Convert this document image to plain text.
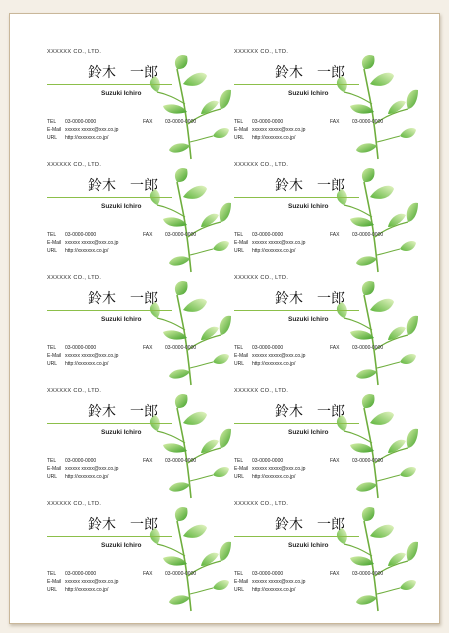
XXXXXX CO., LTD.
鈴木　一郎
Suzuki Ichiro
TEL 03-0000-0000	FAX	03-0000-0000
E-Mail xxxxxx xxxxx@xxx.co.jp
URL http://xxxxxxx.co.jp/
XXXXXX CO., LTD.
鈴木　一郎
Suzuki Ichiro
TEL 03-0000-0000	FAX	03-0000-0000
E-Mail xxxxxx xxxxx@xxx.co.jp
URL http://xxxxxxx.co.jp/
XXXXXX CO., LTD.
鈴木　一郎
Suzuki Ichiro
TEL 03-0000-0000	FAX	03-0000-0000
E-Mail xxxxxx xxxxx@xxx.co.jp
URL http://xxxxxxx.co.jp/
XXXXXX CO., LTD.
鈴木　一郎
Suzuki Ichiro
TEL 03-0000-0000	FAX	03-0000-0000
E-Mail xxxxxx xxxxx@xxx.co.jp
URL http://xxxxxxx.co.jp/
XXXXXX CO., LTD.
鈴木　一郎
Suzuki Ichiro
TEL 03-0000-0000	FAX	03-0000-0000
E-Mail xxxxxx xxxxx@xxx.co.jp
URL http://xxxxxxx.co.jp/
XXXXXX CO., LTD.
鈴木　一郎
Suzuki Ichiro
TEL 03-0000-0000	FAX	03-0000-0000
E-Mail xxxxxx xxxxx@xxx.co.jp
URL http://xxxxxxx.co.jp/
XXXXXX CO., LTD.
鈴木　一郎
Suzuki Ichiro
TEL 03-0000-0000	FAX	03-0000-0000
E-Mail xxxxxx xxxxx@xxx.co.jp
URL http://xxxxxxx.co.jp/
XXXXXX CO., LTD.
鈴木　一郎
Suzuki Ichiro
TEL 03-0000-0000	FAX	03-0000-0000
E-Mail xxxxxx xxxxx@xxx.co.jp
URL http://xxxxxxx.co.jp/
XXXXXX CO., LTD.
鈴木　一郎
Suzuki Ichiro
TEL 03-0000-0000	FAX	03-0000-0000
E-Mail xxxxxx xxxxx@xxx.co.jp
URL http://xxxxxxx.co.jp/
XXXXXX CO., LTD.
鈴木　一郎
Suzuki Ichiro
TEL 03-0000-0000	FAX	03-0000-0000
E-Mail xxxxxx xxxxx@xxx.co.jp
URL http://xxxxxxx.co.jp/
